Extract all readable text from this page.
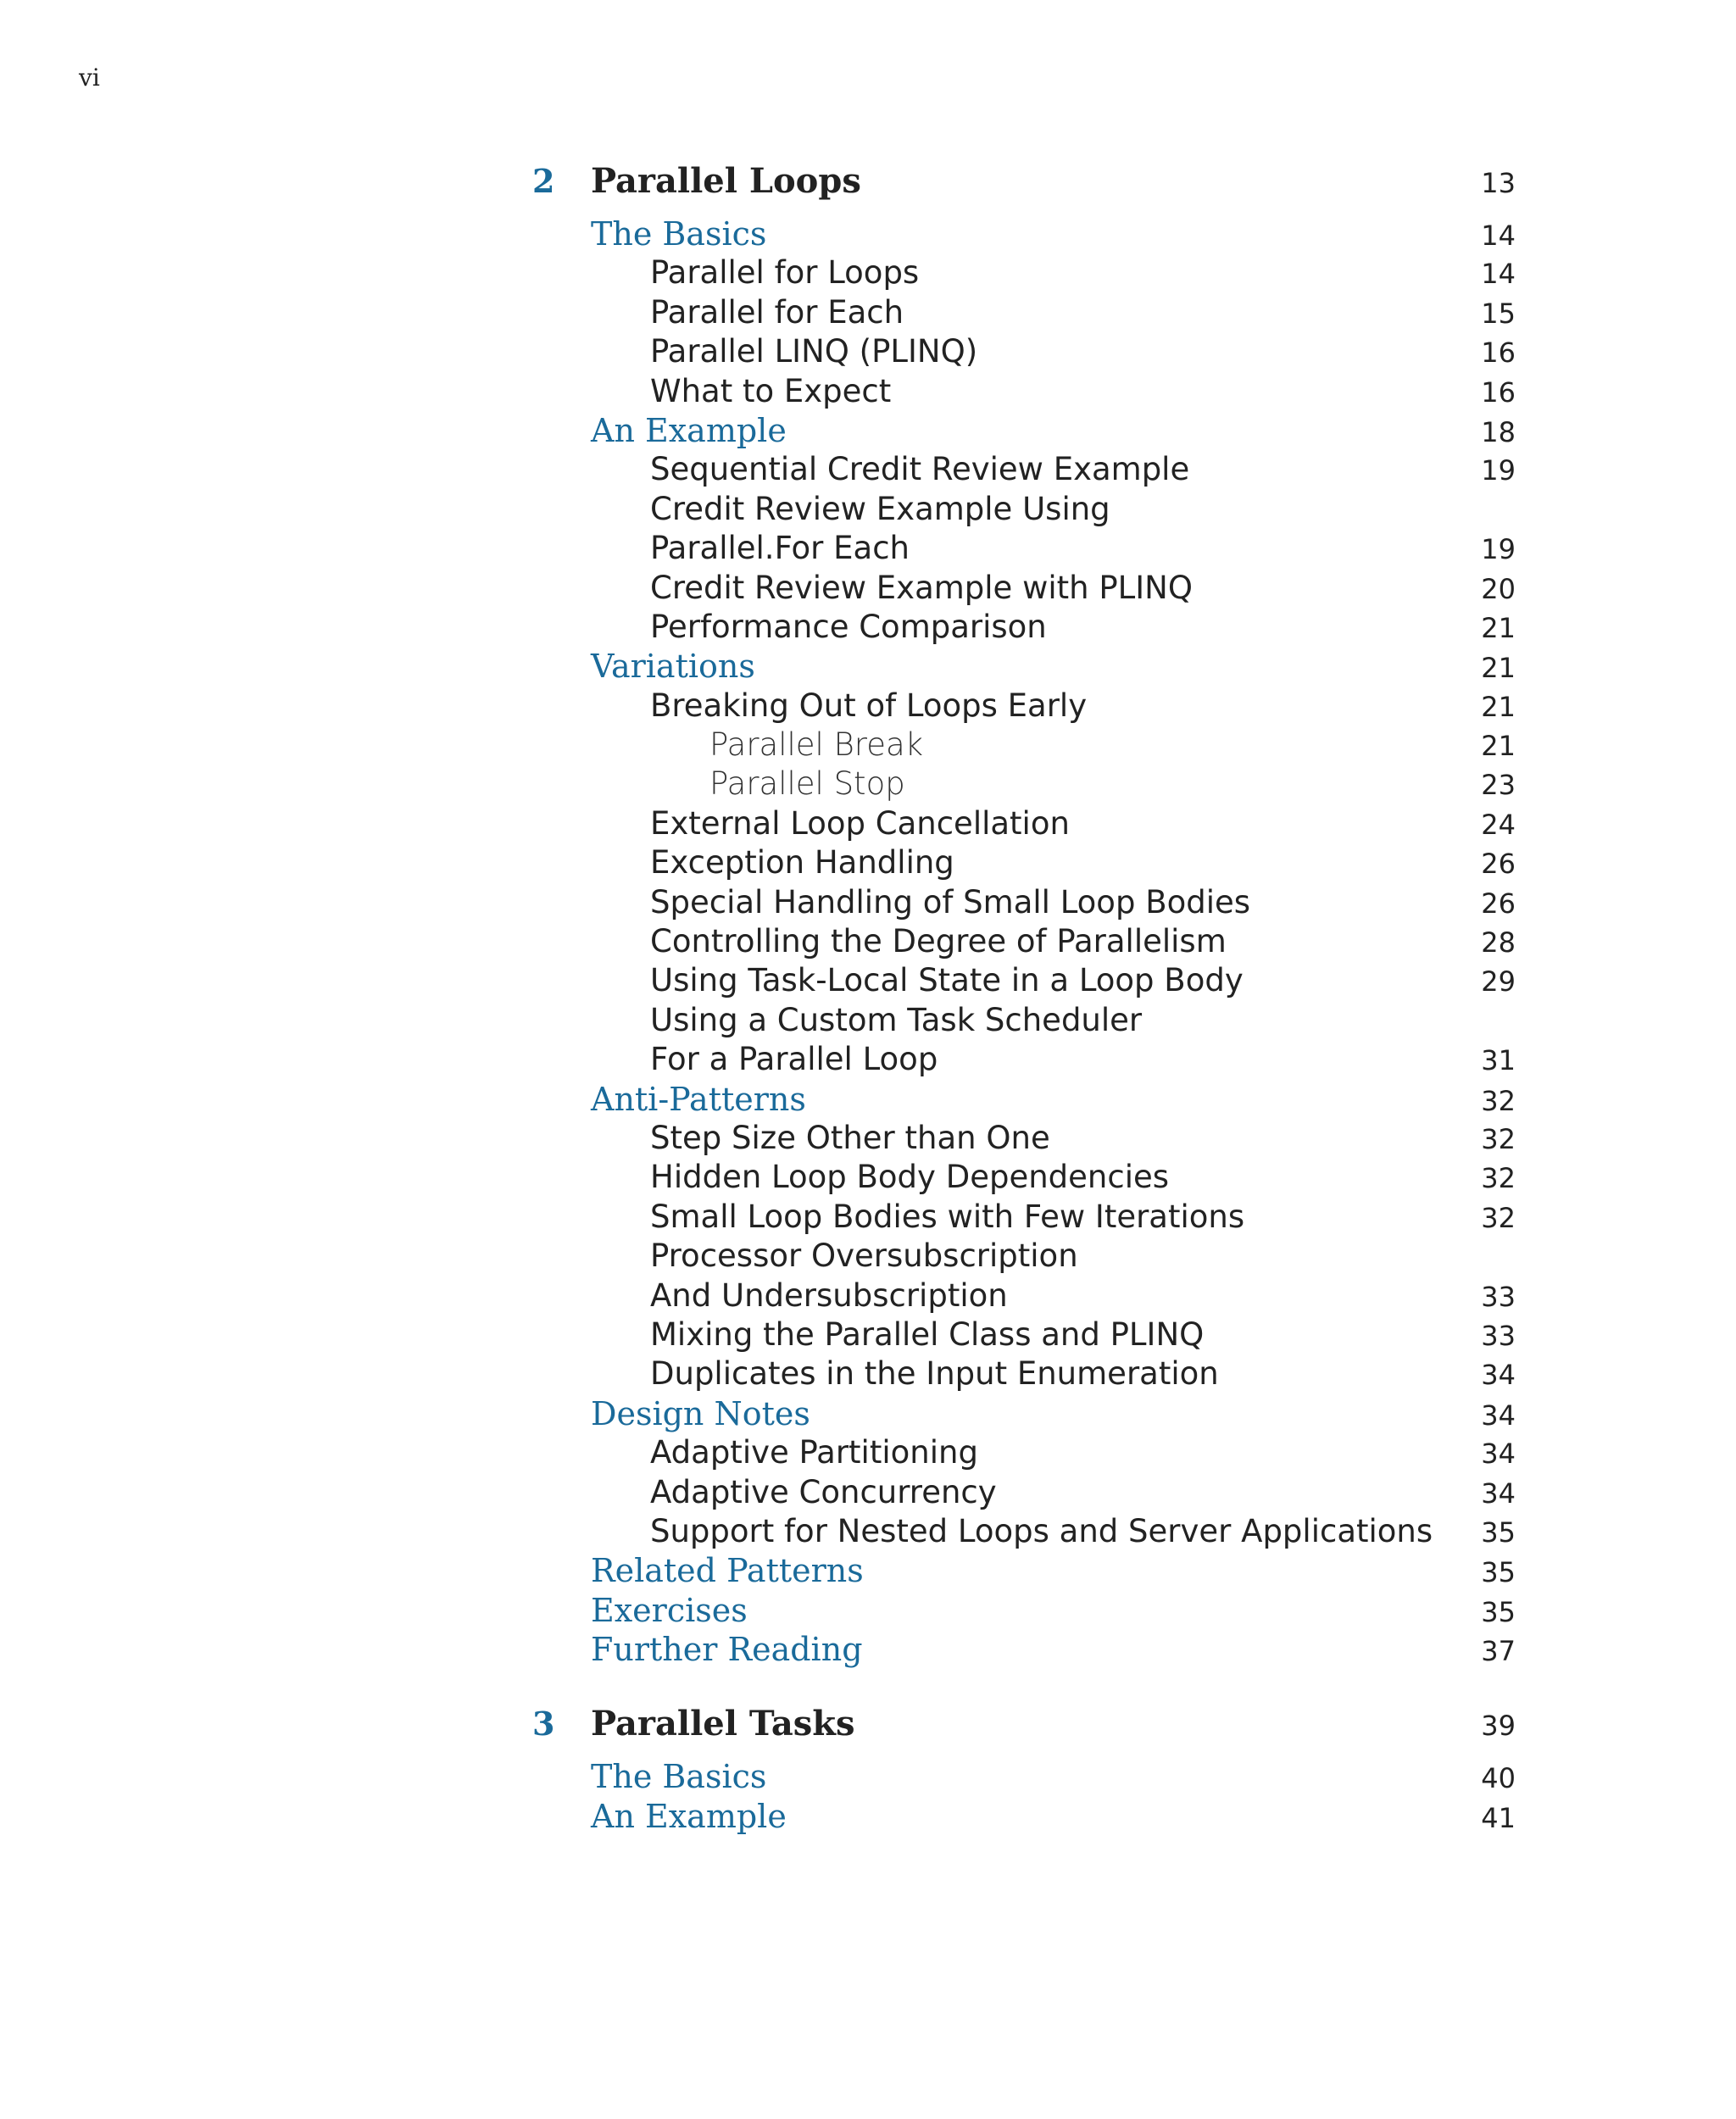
vi
2	Parallel Loops	13
The Basics	14
Parallel for Loops	14
Parallel for Each	15
Parallel LINQ (PLINQ)	16
What to Expect	16
An Example	18
Sequential Credit Review Example	19
Credit Review Example Using
Parallel.For Each	19
Credit Review Example with PLINQ	20
Performance Comparison	21
Variations	21
Breaking Out of Loops Early	21
Parallel Break	21
Parallel Stop	23
External Loop Cancellation	24
Exception Handling	26
Special Handling of Small Loop Bodies	26
Controlling the Degree of Parallelism	28
Using Task-Local State in a Loop Body	29
Using a Custom Task Scheduler
For a Parallel Loop	31
Anti-Patterns	32
Step Size Other than One	32
Hidden Loop Body Dependencies	32
Small Loop Bodies with Few Iterations	32
Processor Oversubscription
And Undersubscription	33
Mixing the Parallel Class and PLINQ	33
Duplicates in the Input Enumeration	34
Design Notes	34
Adaptive Partitioning	34
Adaptive Concurrency	34
Support for Nested Loops and Server Applications	35
Related Patterns	35
Exercises	35
Further Reading	37
3	Parallel Tasks	39
The Basics	40
An Example	41
